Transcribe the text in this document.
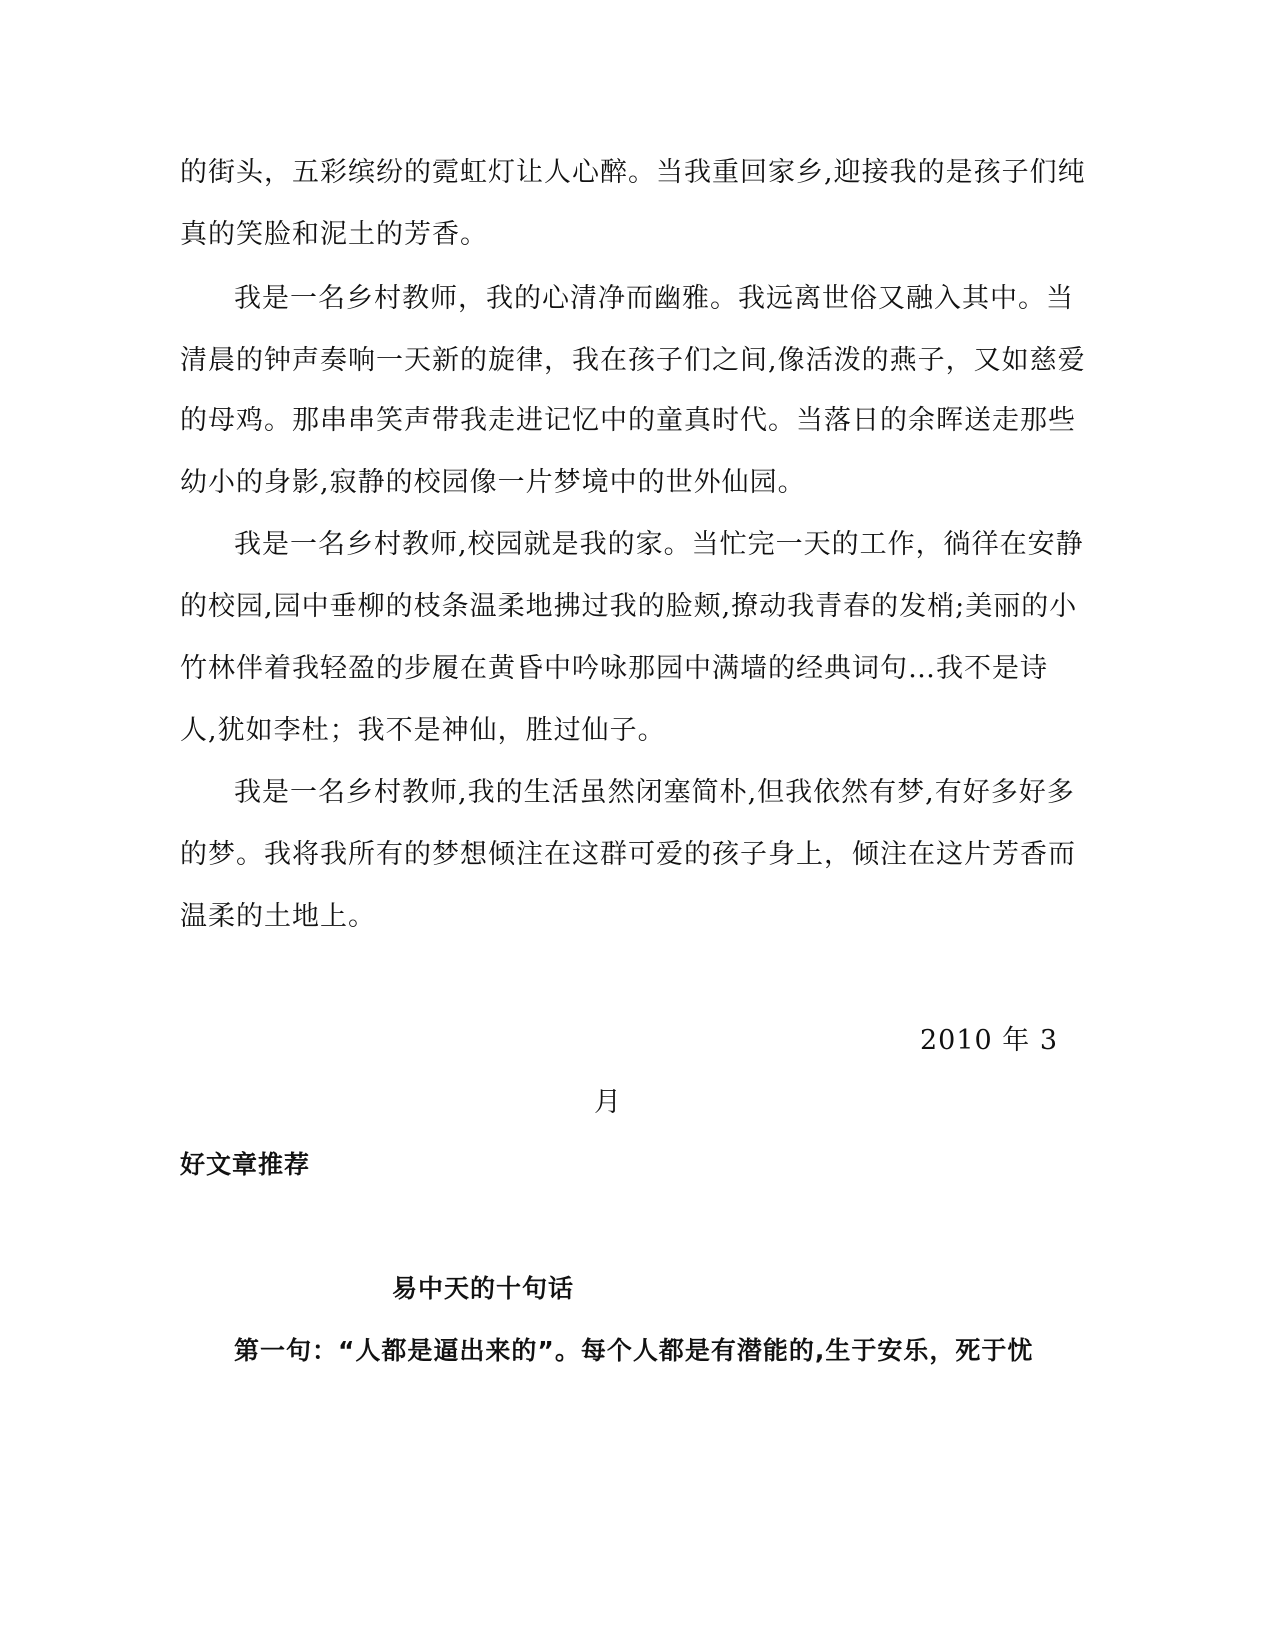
的街头，五彩缤纷的霓虹灯让人心醉。当我重回家乡,迎接我的是孩子们纯
真的笑脸和泥土的芳香。
我是一名乡村教师，我的心清净而幽雅。我远离世俗又融入其中。当
清晨的钟声奏响一天新的旋律，我在孩子们之间,像活泼的燕子，又如慈爱
的母鸡。那串串笑声带我走进记忆中的童真时代。当落日的余晖送走那些
幼小的身影,寂静的校园像一片梦境中的世外仙园。
我是一名乡村教师,校园就是我的家。当忙完一天的工作，徜徉在安静
的校园,园中垂柳的枝条温柔地拂过我的脸颊,撩动我青春的发梢;美丽的小
竹林伴着我轻盈的步履在黄昏中吟咏那园中满墙的经典词句…我不是诗
人,犹如李杜；我不是神仙，胜过仙子。
我是一名乡村教师,我的生活虽然闭塞简朴,但我依然有梦,有好多好多
的梦。我将我所有的梦想倾注在这群可爱的孩子身上，倾注在这片芳香而
温柔的土地上。
2010 年 3
月
好文章推荐
易中天的十句话
第一句：“人都是逼出来的”。每个人都是有潜能的,生于安乐，死于忧
